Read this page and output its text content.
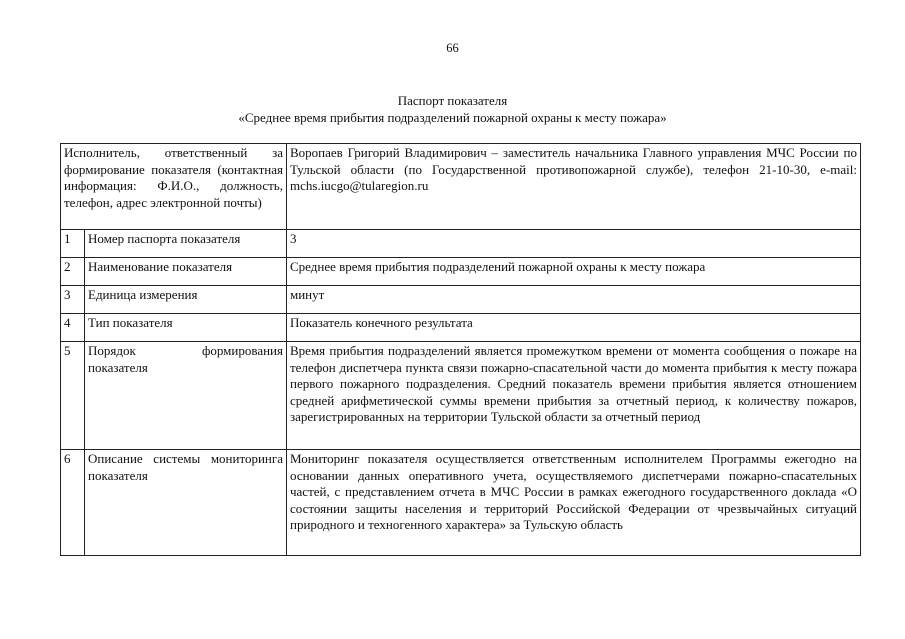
66
Паспорт показателя
«Среднее время прибытия подразделений пожарной охраны к месту пожара»
Исполнитель, ответственный за формирование показателя (контактная информация: Ф.И.О., должность, телефон, адрес электронной почты)		Воропаев Григорий Владимирович – заместитель начальника Главного управления МЧС России по Тульской области (по Государственной противопожарной службе), телефон 21-10-30, e-mail: mchs.iucgo@tularegion.ru
1	Номер паспорта показателя	3
2	Наименование показателя	Среднее время прибытия подразделений пожарной охраны к месту пожара
3	Единица измерения	минут
4	Тип показателя	Показатель конечного результата
5	Порядок формирования показателя	Время прибытия подразделений является промежутком времени от момента сообщения о пожаре на телефон диспетчера пункта связи пожарно-спасательной части до момента прибытия к месту пожара первого пожарного подразделения. Средний показатель времени прибытия является отношением средней арифметической суммы времени прибытия за отчетный период, к количеству пожаров, зарегистрированных на территории Тульской области за отчетный период
6	Описание системы мониторинга показателя	Мониторинг показателя осуществляется ответственным исполнителем Программы ежегодно на основании данных оперативного учета, осуществляемого диспетчерами пожарно-спасательных частей, с представлением отчета в МЧС России в рамках ежегодного государственного доклада «О состоянии защиты населения и территорий Российской Федерации от чрезвычайных ситуаций природного и техногенного характера» за Тульскую область
